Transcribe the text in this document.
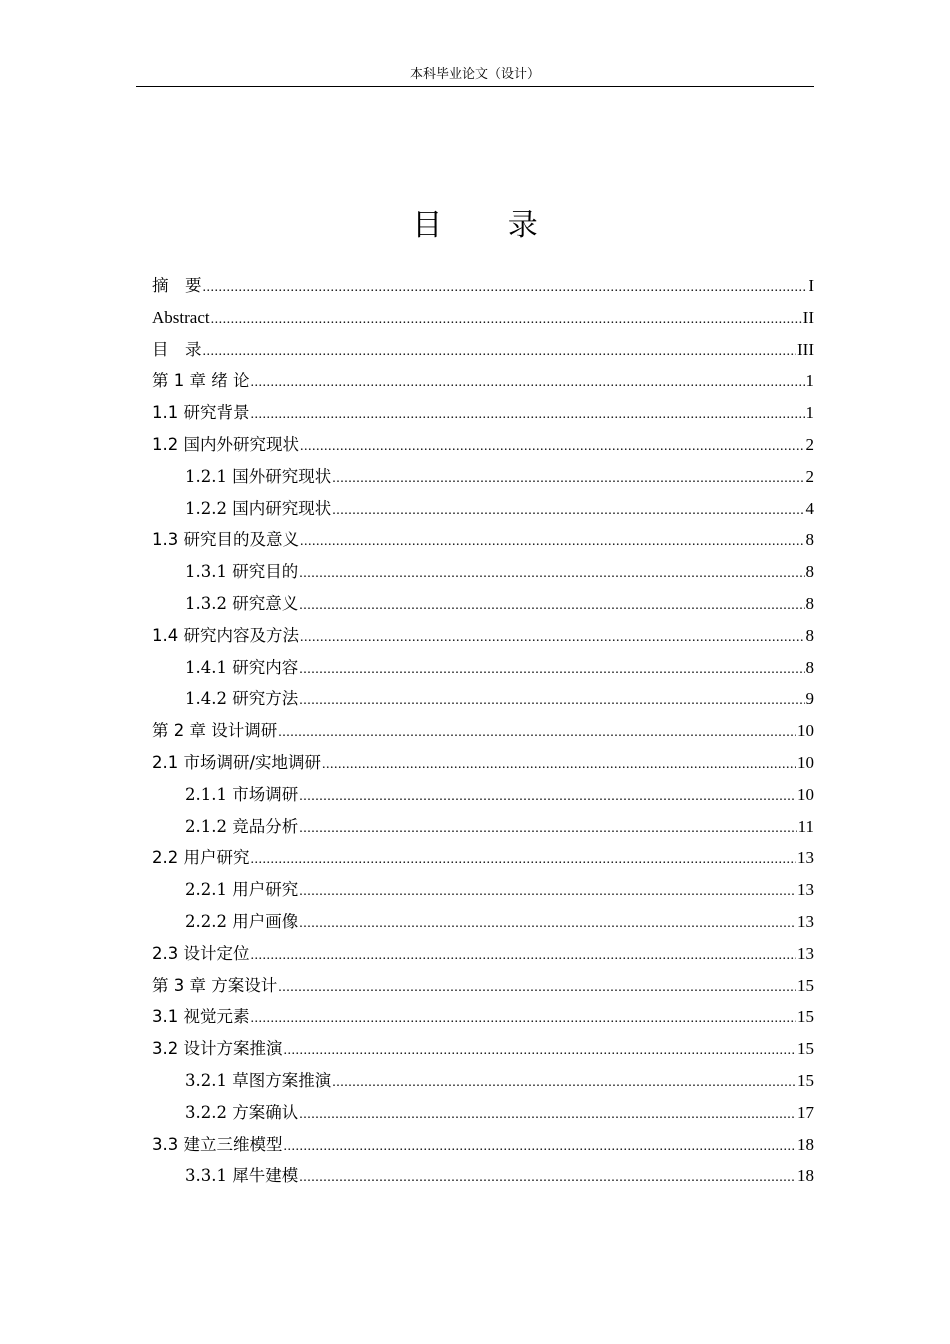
本科毕业论文（设计）
目 录
摘　要 .....	I
Abstract .....	II
目　录 .....	III
第 1 章 绪 论 .....	1
1.1 研究背景 .....	1
1.2 国内外研究现状 .....	2
1.2.1 国外研究现状 .....	2
1.2.2 国内研究现状 .....	4
1.3 研究目的及意义 .....	8
1.3.1 研究目的 .....	8
1.3.2 研究意义 .....	8
1.4 研究内容及方法 .....	8
1.4.1 研究内容 .....	8
1.4.2 研究方法 .....	9
第 2 章 设计调研 .....	10
2.1 市场调研/实地调研 .....	10
2.1.1 市场调研 .....	10
2.1.2 竞品分析 .....	11
2.2 用户研究 .....	13
2.2.1 用户研究 .....	13
2.2.2 用户画像 .....	13
2.3 设计定位 .....	13
第 3 章 方案设计 .....	15
3.1 视觉元素 .....	15
3.2 设计方案推演 .....	15
3.2.1 草图方案推演 .....	15
3.2.2 方案确认 .....	17
3.3 建立三维模型 .....	18
3.3.1 犀牛建模 .....	18
